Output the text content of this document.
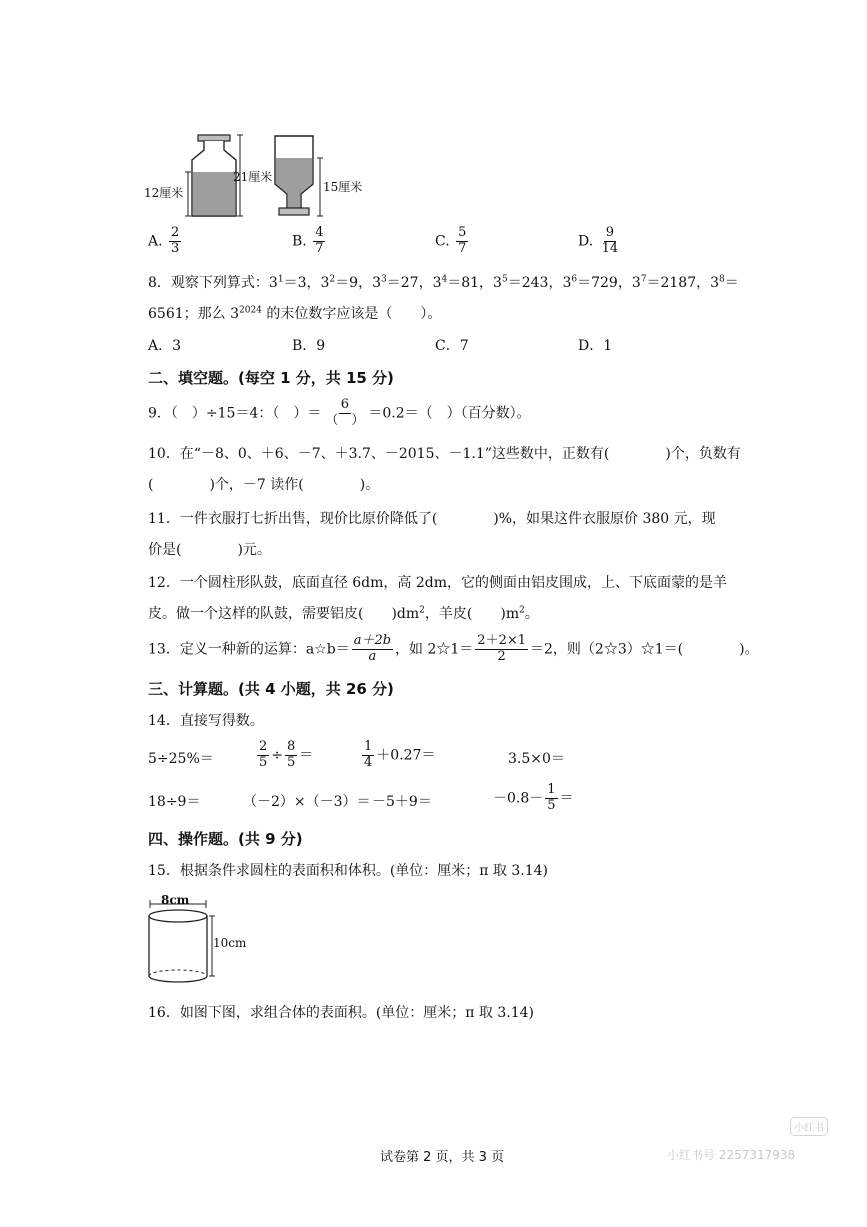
12厘米
21厘米
15厘米
A. $\frac{2}{3}$	B. $\frac{4}{7}$	C. $\frac{5}{7}$	D. $\frac{9}{14}$
8．观察下列算式：$3^1=3$，$3^2=9$，$3^3=27$，$3^4=81$，$3^5=243$，$3^6=729$，$3^7=2187$，$3^8=$
6561；那么 $3^{2024}$ 的末位数字应该是（　　）。
A．3	B．9	C．7	D．1
二、填空题。(每空 1 分，共 15 分)
9．（　）÷15＝4：（　）＝ $\frac{6}{( )} =0.2=$（　）（百分数）。
10．在“－8、0、＋6、－7、＋3.7、－2015、－1.1”这些数中，正数有(　　　　)个，负数有
(　　　　)个，－7 读作(　　　　)。
11．一件衣服打七折出售，现价比原价降低了(　　　　)%，如果这件衣服原价 380 元，现
价是(　　　　)元。
12．一个圆柱形队鼓，底面直径 6dm，高 2dm，它的侧面由铝皮围成，上、下底面蒙的是羊
皮。做一个这样的队鼓，需要铝皮(　　)$dm^2$，羊皮(　　)$m^2$。
13．定义一种新的运算：a☆b＝ $\frac{a+2b}{a}$ ，如 2☆1＝ $\frac{2+2\times 1}{2} =2$，则（2☆3）☆1＝(　　　　)。
三、计算题。(共 4 小题，共 26 分)
14．直接写得数。
5÷25%＝	$\frac{2}{5} \div \frac{8}{5}$ ＝	$\frac{1}{4} +0.27=$	3.5×0＝
18÷9＝	（－2）×（－3）＝ －5＋9＝	$-0.8- \frac{1}{5}$ ＝
四、操作题。(共 9 分)
15．根据条件求圆柱的表面积和体积。(单位：厘米；π 取 3.14)
8cm
10cm
16．如图下图，求组合体的表面积。(单位：厘米；π 取 3.14)
小红书
小红书号 2257317938
试卷第 2 页，共 3 页
